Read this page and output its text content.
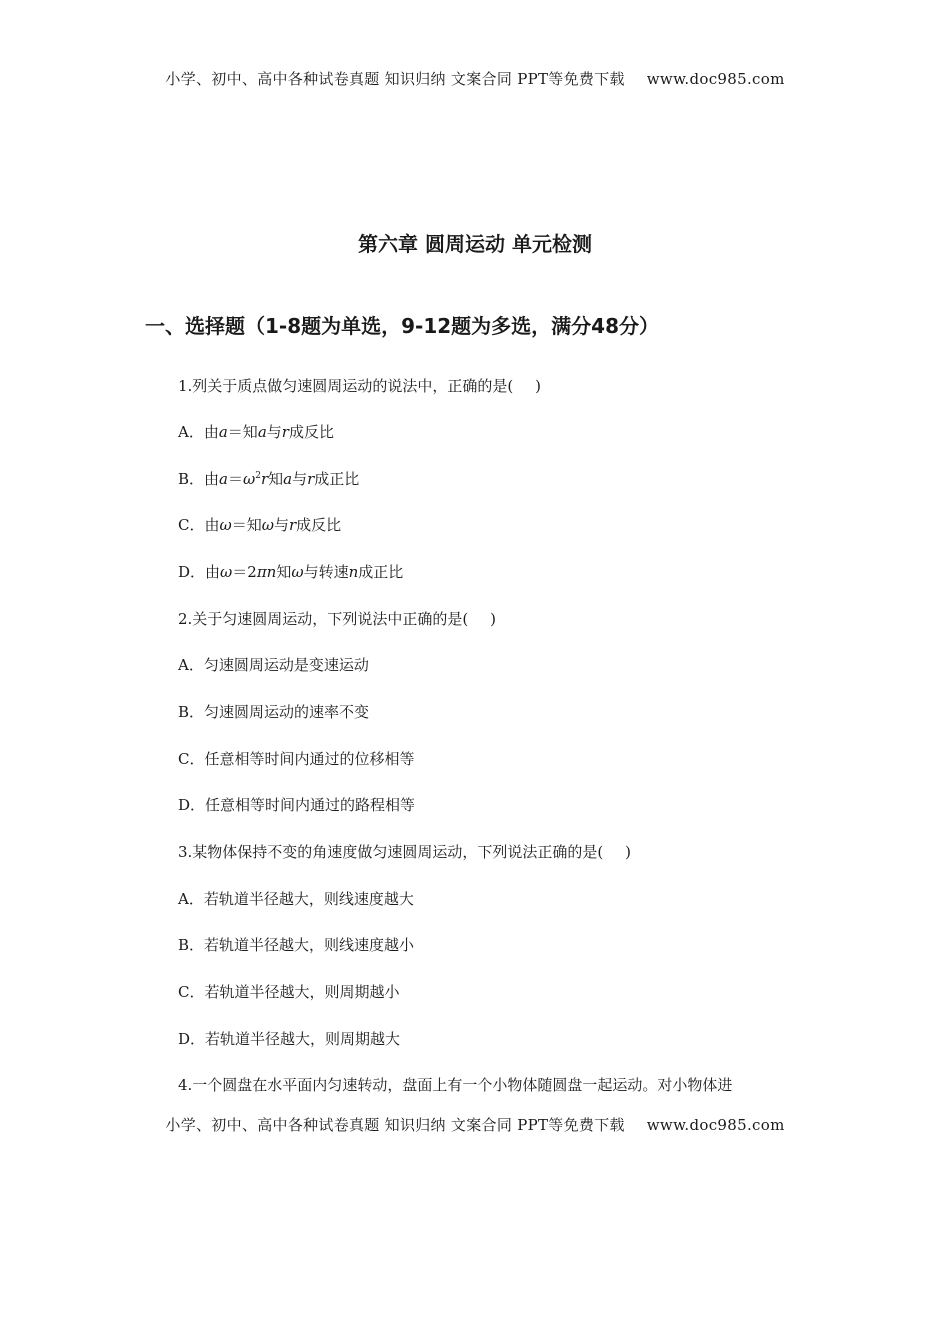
小学、初中、高中各种试卷真题 知识归纳 文案合同 PPT等免费下载 www.doc985.com
第六章 圆周运动 单元检测
一、选择题（1-8题为单选，9-12题为多选，满分48分）
1.列关于质点做匀速圆周运动的说法中，正确的是( )
A．由a＝知a与r成反比
B．由$a=\omega^2r$知a与r成正比
C．由ω＝知ω与r成反比
D．由ω＝2πn知ω与转速n成正比
2.关于匀速圆周运动，下列说法中正确的是( )
A．匀速圆周运动是变速运动
B．匀速圆周运动的速率不变
C．任意相等时间内通过的位移相等
D．任意相等时间内通过的路程相等
3.某物体保持不变的角速度做匀速圆周运动，下列说法正确的是( )
A．若轨道半径越大，则线速度越大
B．若轨道半径越大，则线速度越小
C．若轨道半径越大，则周期越小
D．若轨道半径越大，则周期越大
4.一个圆盘在水平面内匀速转动，盘面上有一个小物体随圆盘一起运动。对小物体进
小学、初中、高中各种试卷真题 知识归纳 文案合同 PPT等免费下载 www.doc985.com
